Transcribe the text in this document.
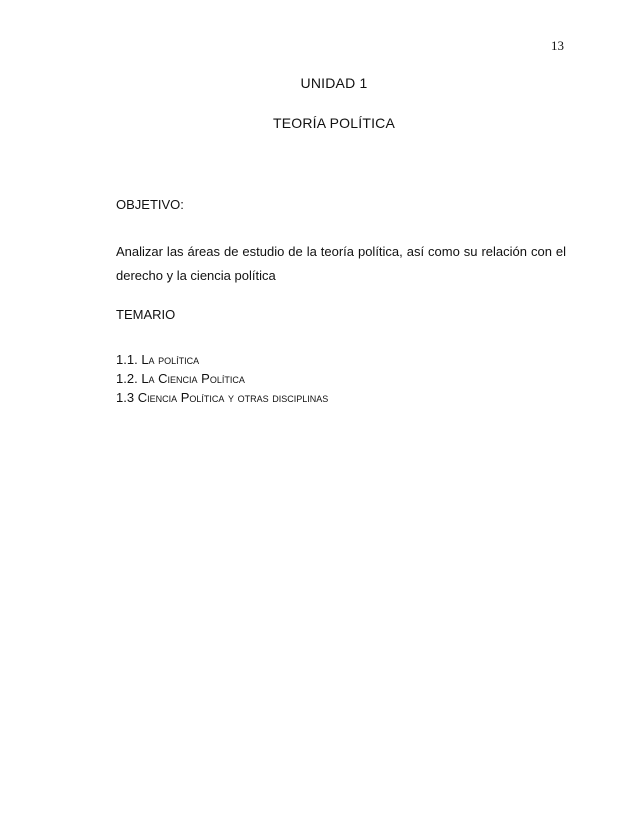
13
UNIDAD 1
TEORÍA POLÍTICA
OBJETIVO:
Analizar las áreas de estudio de la teoría política, así como su relación con el derecho y la ciencia política
TEMARIO
1.1. La política
1.2. La Ciencia Política
1.3 Ciencia Política y otras disciplinas
